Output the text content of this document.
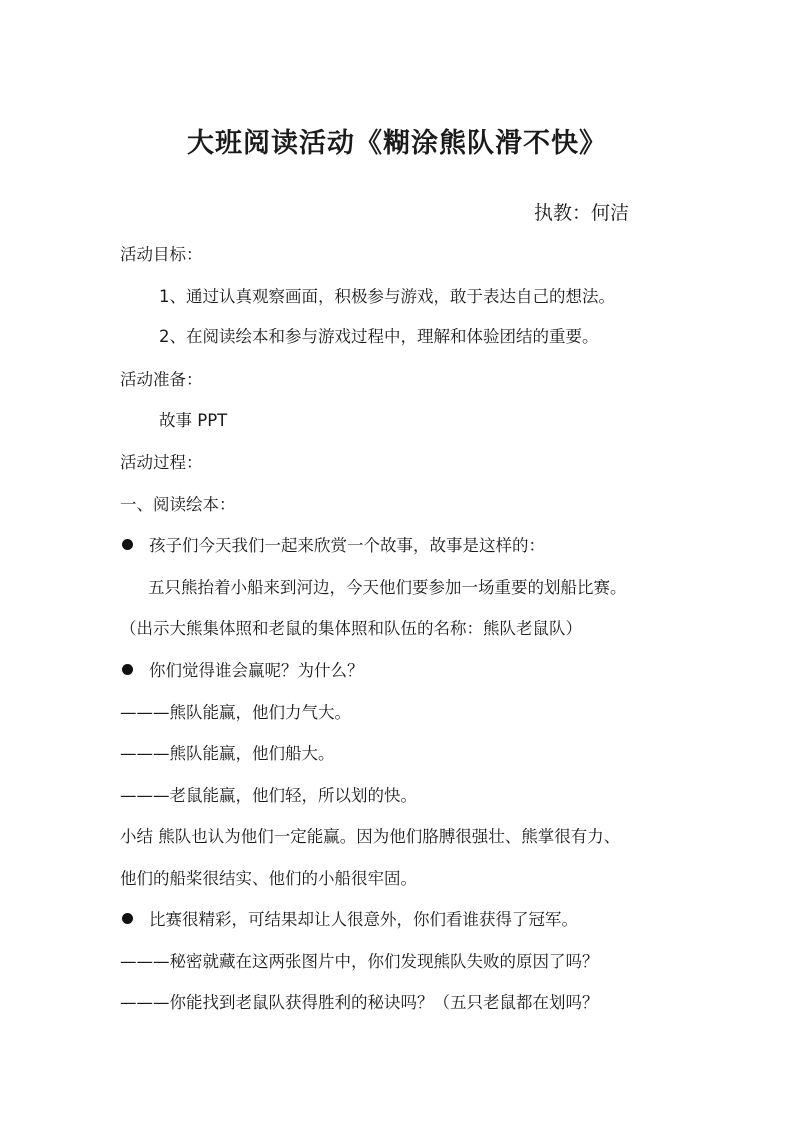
大班阅读活动《糊涂熊队滑不快》
执教：何洁
活动目标：
1、通过认真观察画面，积极参与游戏，敢于表达自己的想法。
2、在阅读绘本和参与游戏过程中，理解和体验团结的重要。
活动准备：
故事 PPT
活动过程：
一、阅读绘本：
孩子们今天我们一起来欣赏一个故事，故事是这样的：
五只熊抬着小船来到河边，今天他们要参加一场重要的划船比赛。
（出示大熊集体照和老鼠的集体照和队伍的名称：熊队老鼠队）
你们觉得谁会赢呢？为什么？
———熊队能赢，他们力气大。
———熊队能赢，他们船大。
———老鼠能赢，他们轻，所以划的快。
小结 熊队也认为他们一定能赢。因为他们胳膊很强壮、熊掌很有力、
他们的船桨很结实、他们的小船很牢固。
比赛很精彩，可结果却让人很意外，你们看谁获得了冠军。
———秘密就藏在这两张图片中，你们发现熊队失败的原因了吗？
———你能找到老鼠队获得胜利的秘诀吗？（五只老鼠都在划吗？
